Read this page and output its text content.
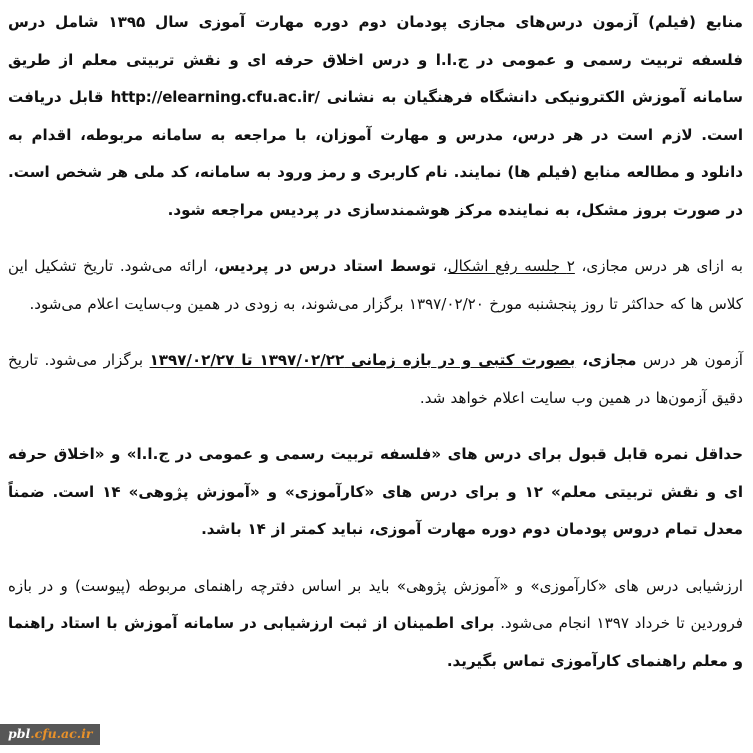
منابع (فیلم) آزمون درس‌های مجازی پودمان دوم دوره مهارت آموزی سال ۱۳۹۵ شامل درس فلسفه تربیت رسمی و عمومی در ج.ا.ا و درس اخلاق حرفه ای و نقش تربیتی معلم از طریق سامانه آموزش الکترونیکی دانشگاه فرهنگیان به نشانی http://elearning.cfu.ac.ir/ قابل دریافت است. لازم است در هر درس، مدرس و مهارت آموزان، با مراجعه به سامانه مربوطه، اقدام به دانلود و مطالعه منابع (فیلم ها) نمایند. نام کاربری و رمز ورود به سامانه، کد ملی هر شخص است. در صورت بروز مشکل، به نماینده مرکز هوشمندسازی در پردیس مراجعه شود.

به ازای هر درس مجازی، ۲ جلسه رفع اشکال، توسط استاد درس در پردیس، ارائه می‌شود. تاریخ تشکیل این کلاس ها که حداکثر تا روز پنجشنبه مورخ ۱۳۹۷/۰۲/۲۰ برگزار می‌شوند، به زودی در همین وب‌سایت اعلام می‌شود.

آزمون هر درس مجازی، بصورت کتبی و در بازه زمانی ۱۳۹۷/۰۲/۲۲ تا ۱۳۹۷/۰۲/۲۷ برگزار می‌شود. تاریخ دقیق آزمون‌ها در همین وب سایت اعلام خواهد شد.

حداقل نمره قابل قبول برای درس های «فلسفه تربیت رسمی و عمومی در ج.ا.ا» و «اخلاق حرفه ای و نقش تربیتی معلم» ۱۲ و برای درس های «کارآموزی» و «آموزش پژوهی» ۱۴ است. ضمناً معدل تمام دروس پودمان دوم دوره مهارت آموزی، نباید کمتر از ۱۴ باشد.

ارزشیابی درس های «کارآموزی» و «آموزش پژوهی» باید بر اساس دفترچه راهنمای مربوطه (پیوست) و در بازه فروردین تا خرداد ۱۳۹۷ انجام می‌شود. برای اطمینان از ثبت ارزشیابی در سامانه آموزش با استاد راهنما و معلم راهنمای کارآموزی تماس بگیرید.

pbl.cfu.ac.ir
